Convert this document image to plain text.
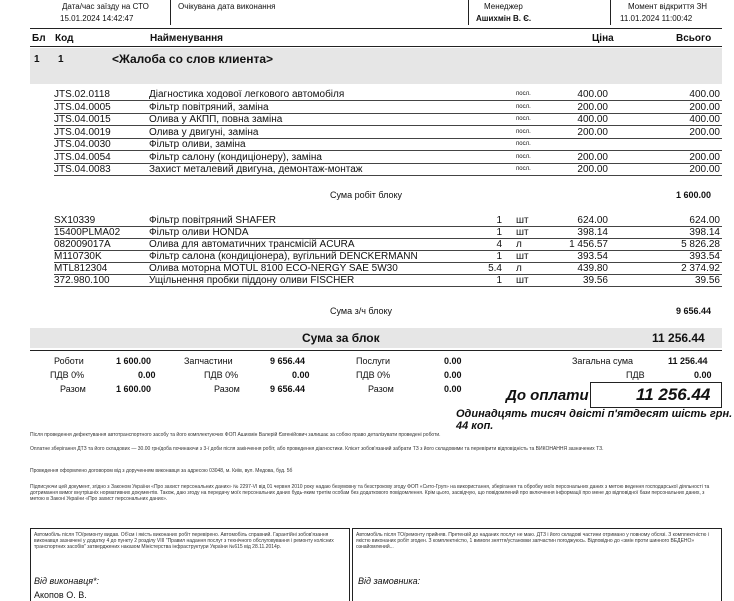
Дата/час заїзду на СТО
15.01.2024 14:42:47
Очікувана дата виконання	Менеджер
Ашихмін В. Є.
Момент відкриття ЗН
11.01.2024 11:00:42
Бл Код	Найменування	Ціна	Всього
1 1	<Жалоба со слов клиента>
JTS.02.0118	Діагностика ходової легкового автомобіля	посл.	400.00	400.00
JTS.04.0005	Фільтр повітряний, заміна	посл.	200.00	200.00
JTS.04.0015	Олива у АКПП, повна заміна	посл.	400.00	400.00
JTS.04.0019	Олива у двигуні, заміна	посл.	200.00	200.00
JTS.04.0030	Фільтр оливи, заміна	посл.
JTS.04.0054	Фільтр салону (кондиціонеру), заміна	посл.	200.00	200.00
JTS.04.0083	Захист металевий двигуна, демонтаж-монтаж	посл.	200.00	200.00
Сума робіт блоку	1 600.00
SX10339	Фільтр повітряний SHAFER	1 шт	624.00	624.00
15400PLMA02	Фільтр оливи HONDA	1 шт	398.14	398.14
082009017A	Олива для автоматичних трансмісій ACURA	4 л	1 456.57	5 826.28
M110730K	Фільтр салона (кондиціонера), вугільний DENCKERMANN	1 шт	393.54	393.54
MTL812304	Олива моторна MOTUL 8100 ECO-NERGY SAE 5W30	5.4 л	439.80	2 374.92
372.980.100	Ущільнення пробки піддону оливи FISCHER	1 шт	39.56	39.56
Сума з/ч блоку	9 656.44
Сума за блок	11 256.44
Роботи	1 600.00
ПДВ 0%	0.00
Разом	1 600.00
Запчастини	9 656.44
ПДВ 0%	0.00
Разом	9 656.44
Послуги	0.00
ПДВ 0%	0.00
Разом	0.00
Загальна сума	11 256.44
ПДВ	0.00
До оплати	11 256.44
Одинадцять тисяч двісті п'ятдесят шість грн. 44 коп.
Після проведення дефектування автотранспортного засобу та його комплектуючих ФОП Ашихмін Валерій Євгенійович залишає за собою право деталізувати проведені роботи.
Оплатне зберігання ДТЗ та його складових — 30.00 грн/доба починаючи з 3-ї доби після закінчення робіт, або проведення діагностики. Клієнт зобов'язаний забрати ТЗ з його складовими та перевірити відповідність та ВИКОНАННЯ зазначених ТЗ.
Проведення оформлено договором від з дорученням виконавця за адресою 03048, м. Київ, вул. Медова, буд. 5б
Підписуючи цей документ, згідно з Законом України «Про захист персональних даних» № 2297-VI від 01 червня 2010 року надаю безумовну та безстрокову згоду ФОП «Сито-Груп» на використання, зберігання та обробку моїх персональних даних з метою ведення господарської діяльності та дотримання вимог внутрішніх нормативних документів. Також, даю згоду на передачу моїх персональних даних будь-яким третім особам без додаткового повідомлення. Крім цього, засвідчую, що повідомлений про включення інформації про мене до відповідної бази персональних даних, з метою в Законі України «Про захист персональних даних».
Автомобіль після ТО/ремонту видав. Об'єм і якість виконаних робіт перевірено. Автомобіль справний. Гарантійні зобов'язання виконавця зазначені у додатку 4 до пункту 2 розділу VIII "Правил надання послуг з технічного обслуговування і ремонту колісних транспортних засобів" затверджених наказом Міністерства інфраструктури України №615 від 28.11.2014р.
Автомобіль після ТО/ремонту прийняв. Претензій до наданих послуг не маю. ДТЗ і його складові частини отримано у повному обсязі. З комплектністю і якістю виконаних робіт згоден. З комплектністю, 1 вимоги зняття/установки запчастин погоджуюсь. Відповідно до «змін проти шинного ВЕДЕНО» ознайомлений...
Від виконавця*:	Від замовника:
Акопов О. В.
